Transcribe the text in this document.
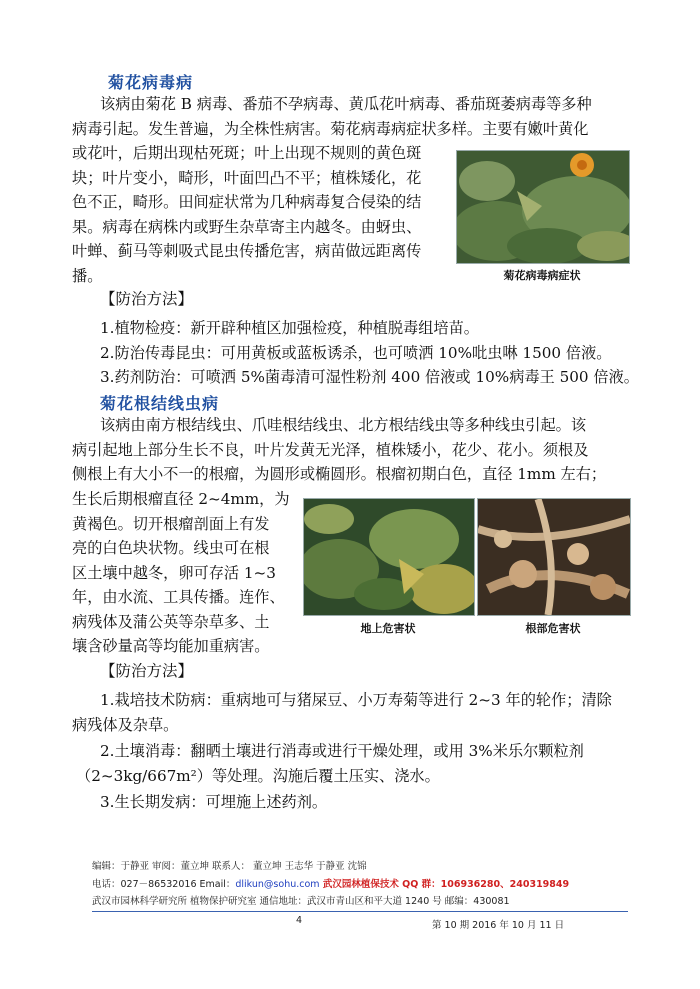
菊花病毒病

该病由菊花 B 病毒、番茄不孕病毒、黄瓜花叶病毒、番茄斑萎病毒等多种

病毒引起。发生普遍，为全株性病害。菊花病毒病症状多样。主要有嫩叶黄化

或花叶，后期出现枯死斑；叶上出现不规则的黄色斑

块；叶片变小，畸形，叶面凹凸不平；植株矮化，花

色不正，畸形。田间症状常为几种病毒复合侵染的结

果。病毒在病株内或野生杂草寄主内越冬。由蚜虫、

叶蝉、蓟马等刺吸式昆虫传播危害，病苗做远距离传

播。	菊花病毒病症状
【防治方法】

1.植物检疫：新开辟种植区加强检疫，种植脱毒组培苗。

2.防治传毒昆虫：可用黄板或蓝板诱杀，也可喷洒 10%吡虫啉 1500 倍液。

3.药剂防治：可喷洒 5%菌毒清可湿性粉剂 400 倍液或 10%病毒王 500 倍液。

菊花根结线虫病

该病由南方根结线虫、爪哇根结线虫、北方根结线虫等多种线虫引起。该

病引起地上部分生长不良，叶片发黄无光泽，植株矮小，花少、花小。须根及

侧根上有大小不一的根瘤，为圆形或椭圆形。根瘤初期白色，直径 1mm 左右；

生长后期根瘤直径 2~4mm，为

黄褐色。切开根瘤剖面上有发

亮的白色块状物。线虫可在根

区土壤中越冬，卵可存活 1~3

年，由水流、工具传播。连作、

病残体及蒲公英等杂草多、土

壤含砂量高等均能加重病害。

地上危害状	根部危害状
【防治方法】

1.栽培技术防病：重病地可与猪屎豆、小万寿菊等进行 2~3 年的轮作；清除

病残体及杂草。

2.土壤消毒：翻晒土壤进行消毒或进行干燥处理，或用 3%米乐尔颗粒剂

（2~3kg/667m²）等处理。沟施后覆土压实、浇水。

3.生长期发病：可埋施上述药剂。

编辑：于静亚 审阅：董立坤 联系人： 董立坤 王志华 于静亚 沈锦
电话：027－86532016 Email：dlikun@sohu.com 武汉园林植保技术 QQ 群：106936280、240319849
武汉市园林科学研究所 植物保护研究室 通信地址：武汉市青山区和平大道 1240 号 邮编：430081
4	第 10 期 2016 年 10 月 11 日
